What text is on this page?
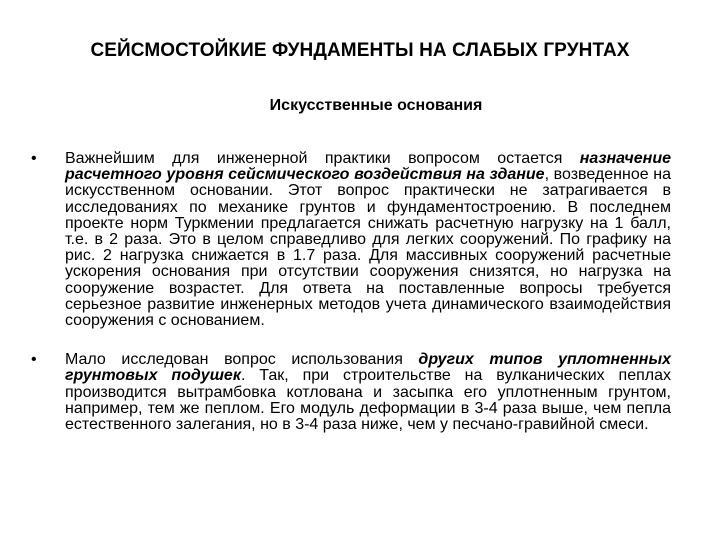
СЕЙСМОСТОЙКИЕ ФУНДАМЕНТЫ НА СЛАБЫХ ГРУНТАХ
Искусственные основания
• Важнейшим для инженерной практики вопросом остается назначение расчетного уровня сейсмического воздействия на здание, возведенное на искусственном основании. Этот вопрос практически не затрагивается в исследованиях по механике грунтов и фундаментостроению. В последнем проекте норм Туркмении предлагается снижать расчетную нагрузку на 1 балл, т.е. в 2 раза. Это в целом справедливо для легких сооружений. По графику на рис. 2 нагрузка снижается в 1.7 раза. Для массивных сооружений расчетные ускорения основания при отсутствии сооружения снизятся, но нагрузка на сооружение возрастет. Для ответа на поставленные вопросы требуется серьезное развитие инженерных методов учета динамического взаимодействия сооружения с основанием.
• Мало исследован вопрос использования других типов уплотненных грунтовых подушек. Так, при строительстве на вулканических пеплах производится вытрамбовка котлована и засыпка его уплотненным грунтом, например, тем же пеплом. Его модуль деформации в 3-4 раза выше, чем пепла естественного залегания, но в 3-4 раза ниже, чем у песчано-гравийной смеси.
